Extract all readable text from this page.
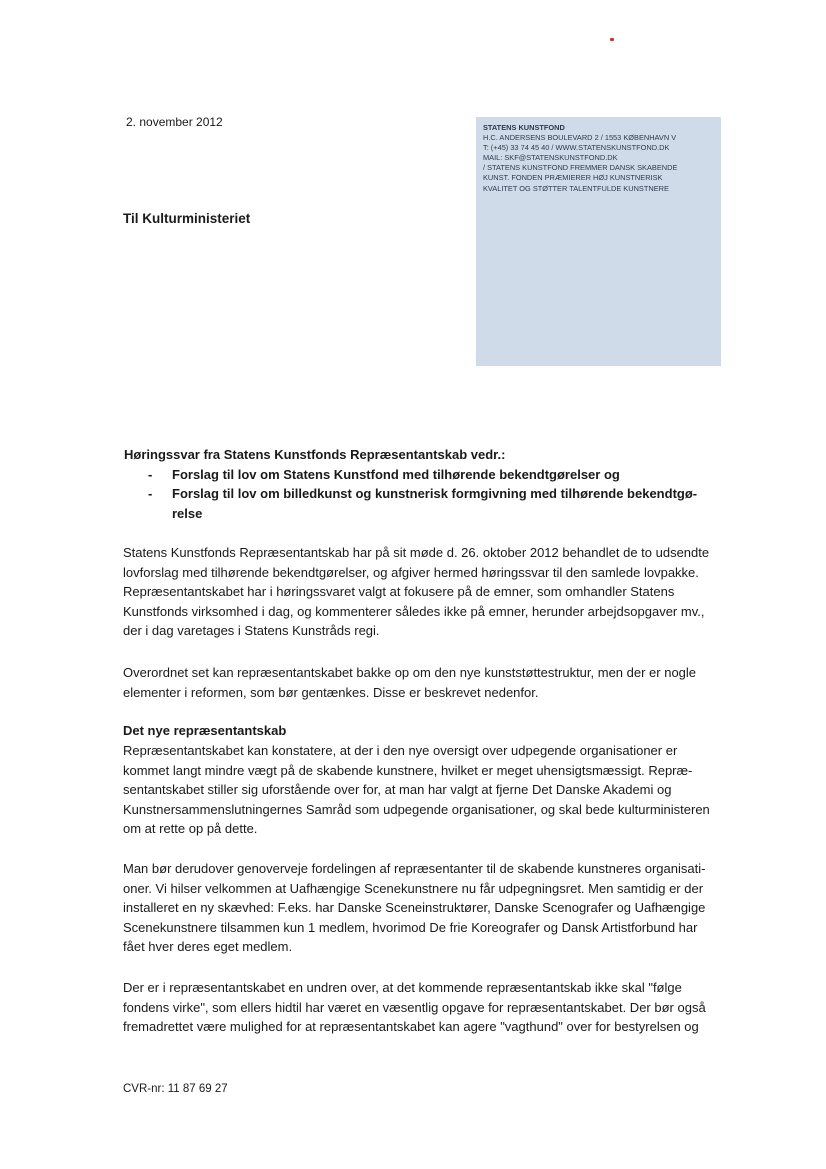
2. november 2012	STATENS KUNSTFOND
H.C. ANDERSENS BOULEVARD 2 / 1553 KØBENHAVN V
T: (+45) 33 74 45 40 / WWW.STATENSKUNSTFOND.DK
MAIL: SKF@STATENSKUNSTFOND.DK
/ STATENS KUNSTFOND FREMMER DANSK SKABENDE
KUNST. FONDEN PRÆMIERER HØJ KUNSTNERISK
KVALITET OG STØTTER TALENTFULDE KUNSTNERE
Til Kulturministeriet
Høringssvar fra Statens Kunstfonds Repræsentantskab vedr.:
- Forslag til lov om Statens Kunstfond med tilhørende bekendtgørelser og
- Forslag til lov om billedkunst og kunstnerisk formgivning med tilhørende bekendtgø-relse
Statens Kunstfonds Repræsentantskab har på sit møde d. 26. oktober 2012 behandlet de to udsendte lovforslag med tilhørende bekendtgørelser, og afgiver hermed høringssvar til den samlede lovpakke. Repræsentantskabet har i høringssvaret valgt at fokusere på de emner, som omhandler Statens Kunstfonds virksomhed i dag, og kommenterer således ikke på emner, herunder arbejdsopgaver mv., der i dag varetages i Statens Kunstråds regi.
Overordnet set kan repræsentantskabet bakke op om den nye kunststøttestruktur, men der er nogle elementer i reformen, som bør gentænkes. Disse er beskrevet nedenfor.
Det nye repræsentantskab
Repræsentantskabet kan konstatere, at der i den nye oversigt over udpegende organisationer er kommet langt mindre vægt på de skabende kunstnere, hvilket er meget uhensigtsmæssigt. Repræ-sentantskabet stiller sig uforstående over for, at man har valgt at fjerne Det Danske Akademi og Kunstnersammenslutningernes Samråd som udpegende organisationer, og skal bede kulturministeren om at rette op på dette.
Man bør derudover genoverveje fordelingen af repræsentanter til de skabende kunstneres organisati-oner. Vi hilser velkommen at Uafhængige Scenekunstnere nu får udpegningsret. Men samtidig er der installeret en ny skævhed: F.eks. har Danske Sceneinstruktører, Danske Scenografer og Uafhængige Scenekunstnere tilsammen kun 1 medlem, hvorimod De frie Koreografer og Dansk Artistforbund har fået hver deres eget medlem.
Der er i repræsentantskabet en undren over, at det kommende repræsentantskab ikke skal "følge fondens virke", som ellers hidtil har været en væsentlig opgave for repræsentantskabet. Der bør også fremadrettet være mulighed for at repræsentantskabet kan agere "vagthund" over for bestyrelsen og
CVR-nr: 11 87 69 27
